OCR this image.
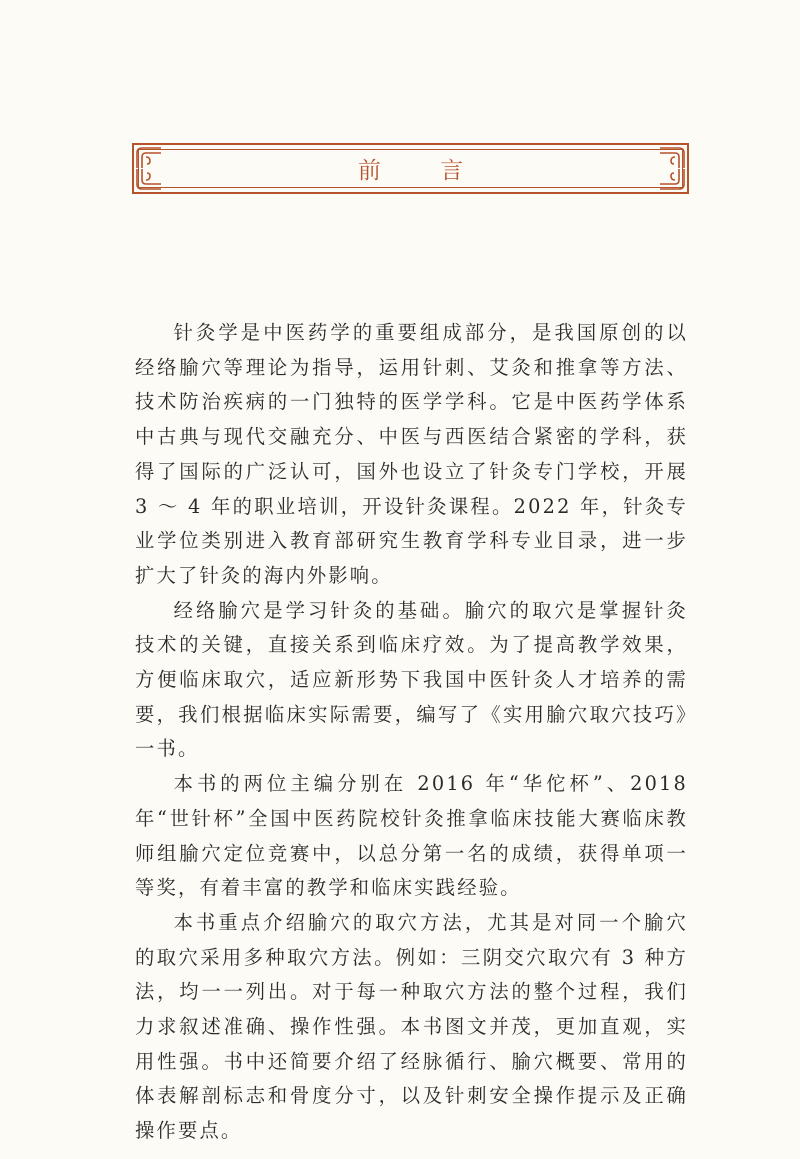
前 言

针灸学是中医药学的重要组成部分，是我国原创的以经络腧穴等理论为指导，运用针刺、艾灸和推拿等方法、技术防治疾病的一门独特的医学学科。它是中医药学体系中古典与现代交融充分、中医与西医结合紧密的学科，获得了国际的广泛认可，国外也设立了针灸专门学校，开展 3 ～ 4 年的职业培训，开设针灸课程。2022 年，针灸专业学位类别进入教育部研究生教育学科专业目录，进一步扩大了针灸的海内外影响。

经络腧穴是学习针灸的基础。腧穴的取穴是掌握针灸技术的关键，直接关系到临床疗效。为了提高教学效果，方便临床取穴，适应新形势下我国中医针灸人才培养的需要，我们根据临床实际需要，编写了《实用腧穴取穴技巧》一书。

本书的两位主编分别在 2016 年“华佗杯”、2018 年“世针杯”全国中医药院校针灸推拿临床技能大赛临床教师组腧穴定位竞赛中，以总分第一名的成绩，获得单项一等奖，有着丰富的教学和临床实践经验。

本书重点介绍腧穴的取穴方法，尤其是对同一个腧穴的取穴采用多种取穴方法。例如：三阴交穴取穴有 3 种方法，均一一列出。对于每一种取穴方法的整个过程，我们力求叙述准确、操作性强。本书图文并茂，更加直观，实用性强。书中还简要介绍了经脉循行、腧穴概要、常用的体表解剖标志和骨度分寸，以及针刺安全操作提示及正确操作要点。
